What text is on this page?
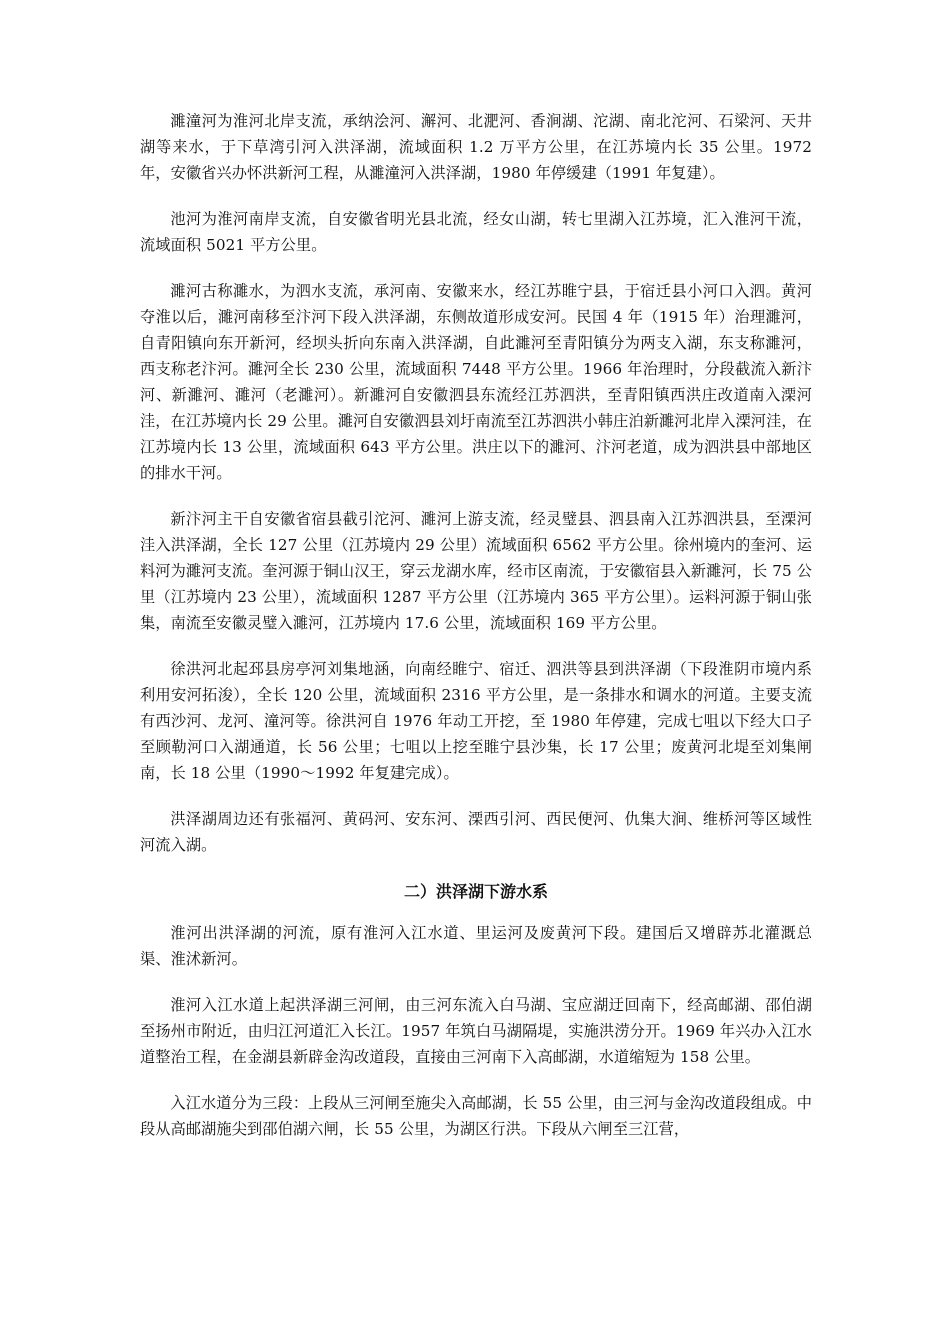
濉潼河为淮河北岸支流，承纳浍河、澥河、北淝河、香涧湖、沱湖、南北沱河、石梁河、天井湖等来水，于下草湾引河入洪泽湖，流域面积 1.2 万平方公里，在江苏境内长 35 公里。1972 年，安徽省兴办怀洪新河工程，从濉潼河入洪泽湖，1980 年停缓建（1991 年复建）。

池河为淮河南岸支流，自安徽省明光县北流，经女山湖，转七里湖入江苏境，汇入淮河干流，流域面积 5021 平方公里。

濉河古称濉水，为泗水支流，承河南、安徽来水，经江苏睢宁县，于宿迁县小河口入泗。黄河夺淮以后，濉河南移至汴河下段入洪泽湖，东侧故道形成安河。民国 4 年（1915 年）治理濉河，自青阳镇向东开新河，经坝头折向东南入洪泽湖，自此濉河至青阳镇分为两支入湖，东支称濉河，西支称老汴河。濉河全长 230 公里，流域面积 7448 平方公里。1966 年治理时，分段截流入新汴河、新濉河、濉河（老濉河）。新濉河自安徽泗县东流经江苏泗洪，至青阳镇西洪庄改道南入溧河洼，在江苏境内长 29 公里。濉河自安徽泗县刘圩南流至江苏泗洪小韩庄泊新濉河北岸入溧河洼，在江苏境内长 13 公里，流域面积 643 平方公里。洪庄以下的濉河、汴河老道，成为泗洪县中部地区的排水干河。

新汴河主干自安徽省宿县截引沱河、濉河上游支流，经灵璧县、泗县南入江苏泗洪县，至溧河洼入洪泽湖，全长 127 公里（江苏境内 29 公里）流域面积 6562 平方公里。徐州境内的奎河、运料河为濉河支流。奎河源于铜山汉王，穿云龙湖水库，经市区南流，于安徽宿县入新濉河，长 75 公里（江苏境内 23 公里），流域面积 1287 平方公里（江苏境内 365 平方公里）。运料河源于铜山张集，南流至安徽灵璧入濉河，江苏境内 17.6 公里，流域面积 169 平方公里。

徐洪河北起邳县房亭河刘集地涵，向南经睢宁、宿迁、泗洪等县到洪泽湖（下段淮阴市境内系利用安河拓浚），全长 120 公里，流域面积 2316 平方公里，是一条排水和调水的河道。主要支流有西沙河、龙河、潼河等。徐洪河自 1976 年动工开挖，至 1980 年停建，完成七咀以下经大口子至顾勒河口入湖通道，长 56 公里；七咀以上挖至睢宁县沙集，长 17 公里；废黄河北堤至刘集闸南，长 18 公里（1990～1992 年复建完成）。

洪泽湖周边还有张福河、黄码河、安东河、溧西引河、西民便河、仇集大涧、维桥河等区域性河流入湖。

二）洪泽湖下游水系

淮河出洪泽湖的河流，原有淮河入江水道、里运河及废黄河下段。建国后又增辟苏北灌溉总渠、淮沭新河。

淮河入江水道上起洪泽湖三河闸，由三河东流入白马湖、宝应湖迂回南下，经高邮湖、邵伯湖至扬州市附近，由归江河道汇入长江。1957 年筑白马湖隔堤，实施洪涝分开。1969 年兴办入江水道整治工程，在金湖县新辟金沟改道段，直接由三河南下入高邮湖，水道缩短为 158 公里。

入江水道分为三段：上段从三河闸至施尖入高邮湖，长 55 公里，由三河与金沟改道段组成。中段从高邮湖施尖到邵伯湖六闸，长 55 公里，为湖区行洪。下段从六闸至三江营，
